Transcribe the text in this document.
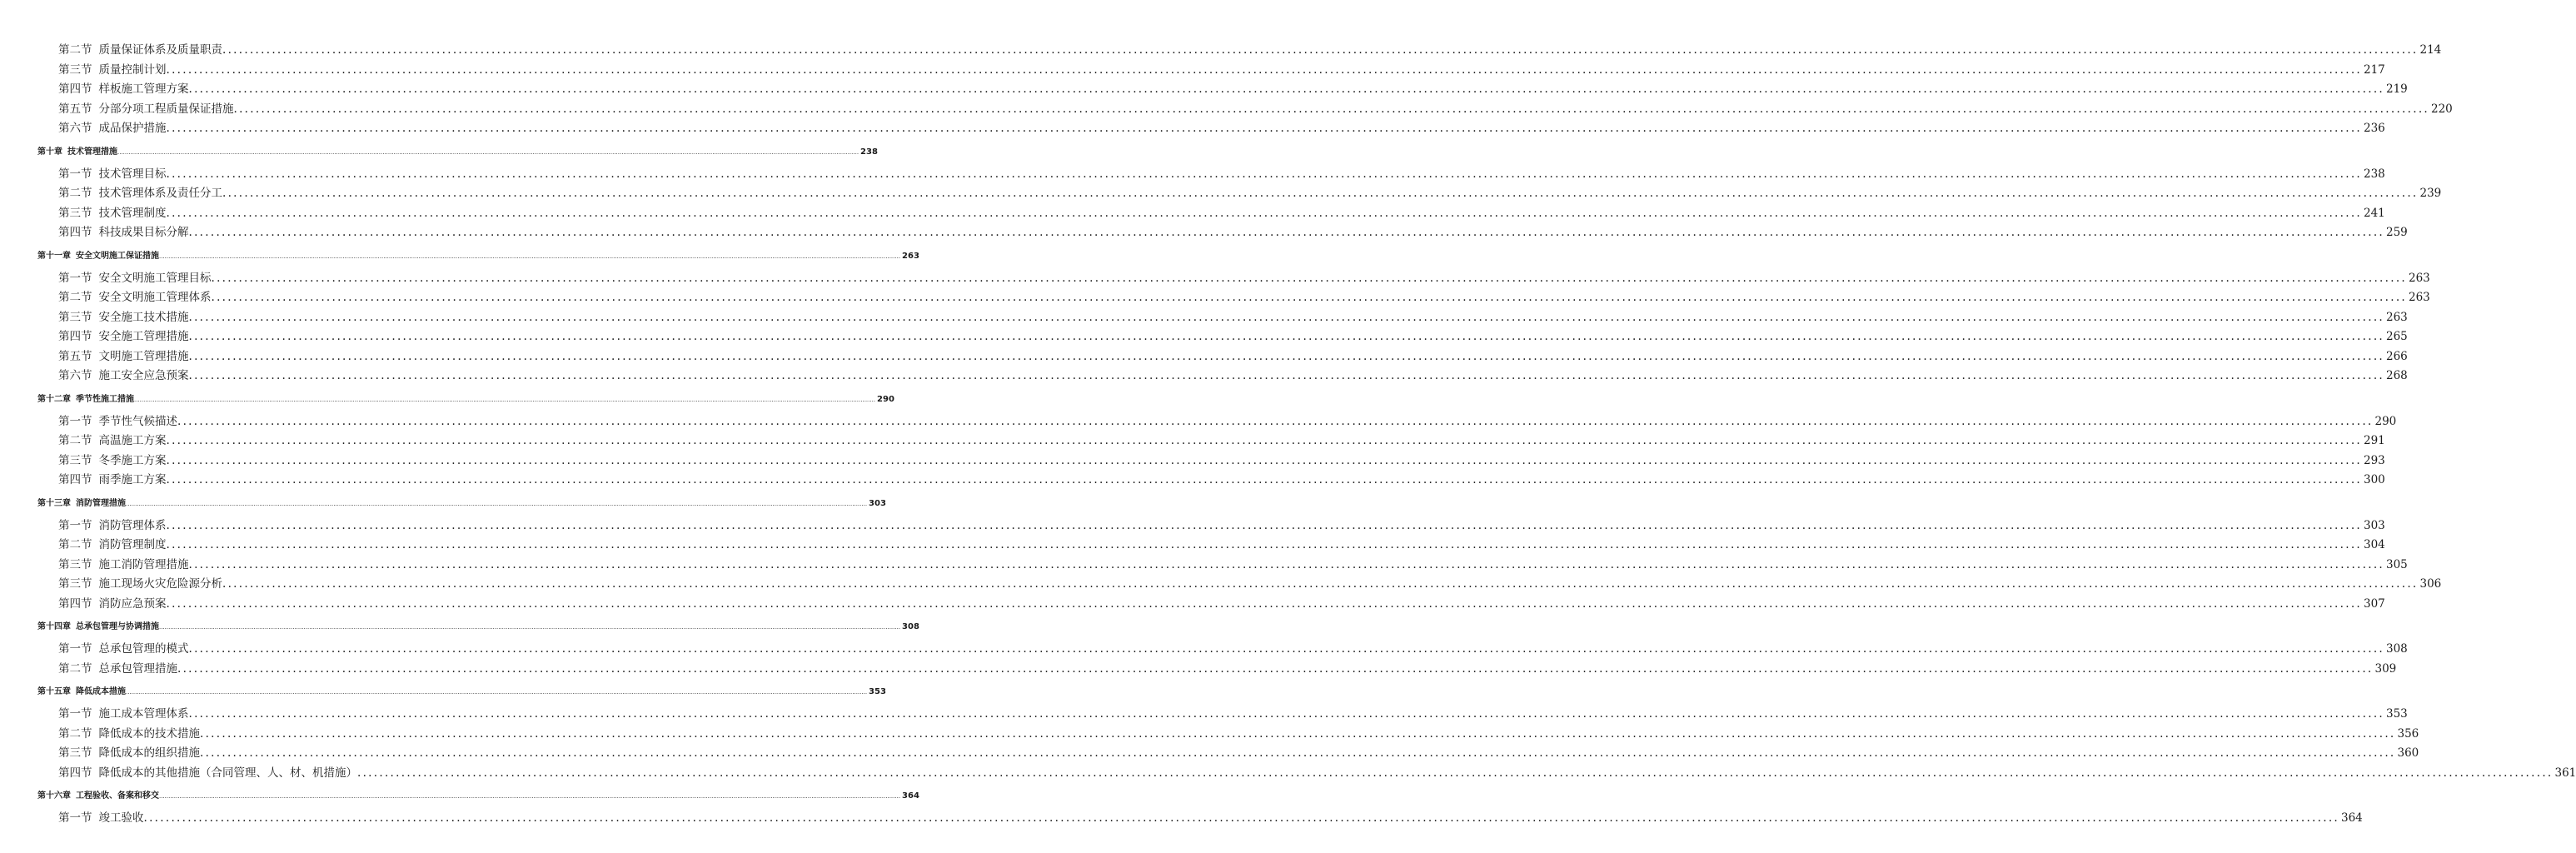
第二节 质量保证体系及质量职责 ................................................................................................................................................................................................................................................................................................................................................................................................................ 214
第三节 质量控制计划 ................................................................................................................................................................................................................................................................................................................................................................................................................ 217
第四节 样板施工管理方案 ................................................................................................................................................................................................................................................................................................................................................................................................................ 219
第五节 分部分项工程质量保证措施 ................................................................................................................................................................................................................................................................................................................................................................................................................ 220
第六节 成品保护措施 ................................................................................................................................................................................................................................................................................................................................................................................................................ 236
第十章 技术管理措施 ................................................................................................................................................................................................................................................................................................................................................................................................................ 238
第一节 技术管理目标 ................................................................................................................................................................................................................................................................................................................................................................................................................ 238
第二节 技术管理体系及责任分工 ................................................................................................................................................................................................................................................................................................................................................................................................................ 239
第三节 技术管理制度 ................................................................................................................................................................................................................................................................................................................................................................................................................ 241
第四节 科技成果目标分解 ................................................................................................................................................................................................................................................................................................................................................................................................................ 259
第十一章 安全文明施工保证措施 ................................................................................................................................................................................................................................................................................................................................................................................................................ 263
第一节 安全文明施工管理目标 ................................................................................................................................................................................................................................................................................................................................................................................................................ 263
第二节 安全文明施工管理体系 ................................................................................................................................................................................................................................................................................................................................................................................................................ 263
第三节 安全施工技术措施 ................................................................................................................................................................................................................................................................................................................................................................................................................ 263
第四节 安全施工管理措施 ................................................................................................................................................................................................................................................................................................................................................................................................................ 265
第五节 文明施工管理措施 ................................................................................................................................................................................................................................................................................................................................................................................................................ 266
第六节 施工安全应急预案 ................................................................................................................................................................................................................................................................................................................................................................................................................ 268
第十二章 季节性施工措施 ................................................................................................................................................................................................................................................................................................................................................................................................................ 290
第一节 季节性气候描述 ................................................................................................................................................................................................................................................................................................................................................................................................................ 290
第二节 高温施工方案 ................................................................................................................................................................................................................................................................................................................................................................................................................ 291
第三节 冬季施工方案 ................................................................................................................................................................................................................................................................................................................................................................................................................ 293
第四节 雨季施工方案 ................................................................................................................................................................................................................................................................................................................................................................................................................ 300
第十三章 消防管理措施 ................................................................................................................................................................................................................................................................................................................................................................................................................ 303
第一节 消防管理体系 ................................................................................................................................................................................................................................................................................................................................................................................................................ 303
第二节 消防管理制度 ................................................................................................................................................................................................................................................................................................................................................................................................................ 304
第三节 施工消防管理措施 ................................................................................................................................................................................................................................................................................................................................................................................................................ 305
第三节 施工现场火灾危险源分析 ................................................................................................................................................................................................................................................................................................................................................................................................................ 306
第四节 消防应急预案 ................................................................................................................................................................................................................................................................................................................................................................................................................ 307
第十四章 总承包管理与协调措施 ................................................................................................................................................................................................................................................................................................................................................................................................................ 308
第一节 总承包管理的模式 ................................................................................................................................................................................................................................................................................................................................................................................................................ 308
第二节 总承包管理措施 ................................................................................................................................................................................................................................................................................................................................................................................................................ 309
第十五章 降低成本措施 ................................................................................................................................................................................................................................................................................................................................................................................................................ 353
第一节 施工成本管理体系 ................................................................................................................................................................................................................................................................................................................................................................................................................ 353
第二节 降低成本的技术措施 ................................................................................................................................................................................................................................................................................................................................................................................................................ 356
第三节 降低成本的组织措施 ................................................................................................................................................................................................................................................................................................................................................................................................................ 360
第四节 降低成本的其他措施（合同管理、人、材、机措施） ................................................................................................................................................................................................................................................................................................................................................................................................................ 361
第十六章 工程验收、备案和移交 ................................................................................................................................................................................................................................................................................................................................................................................................................ 364
第一节 竣工验收 ................................................................................................................................................................................................................................................................................................................................................................................................................ 364
